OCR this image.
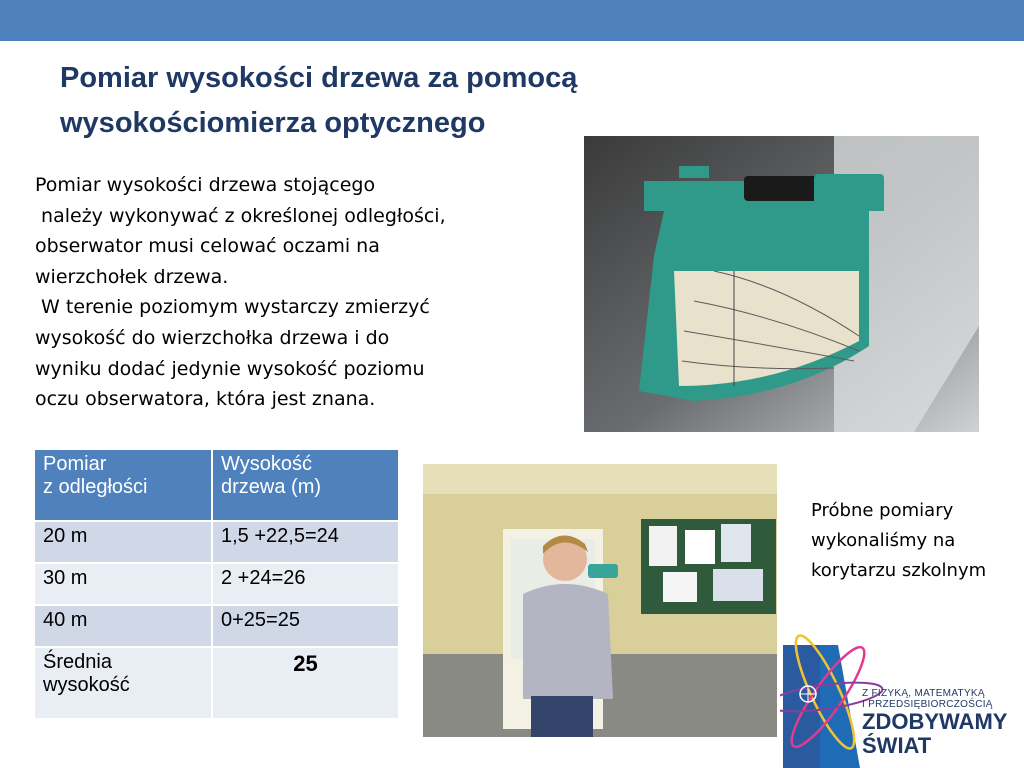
Pomiar wysokości drzewa za pomocą wysokościomierza optycznego
Pomiar wysokości drzewa stojącego
należy wykonywać z określonej odległości,
obserwator musi celować oczami na
wierzchołek drzewa.
W terenie poziomym wystarczy zmierzyć
wysokość do wierzchołka drzewa i do
wyniku dodać jedynie wysokość poziomu
oczu obserwatora, która jest znana.
Pomiar
z odległości	Wysokość
drzewa (m)
20 m	1,5 +22,5=24
30 m	2 +24=26
40 m	0+25=25
Średnia
wysokość	25
Próbne pomiary
wykonaliśmy na
korytarzu szkolnym
Z FIZYKĄ, MATEMATYKĄ
I PRZEDSIĘBIORCZOŚCIĄ
ZDOBYWAMY
ŚWIAT
